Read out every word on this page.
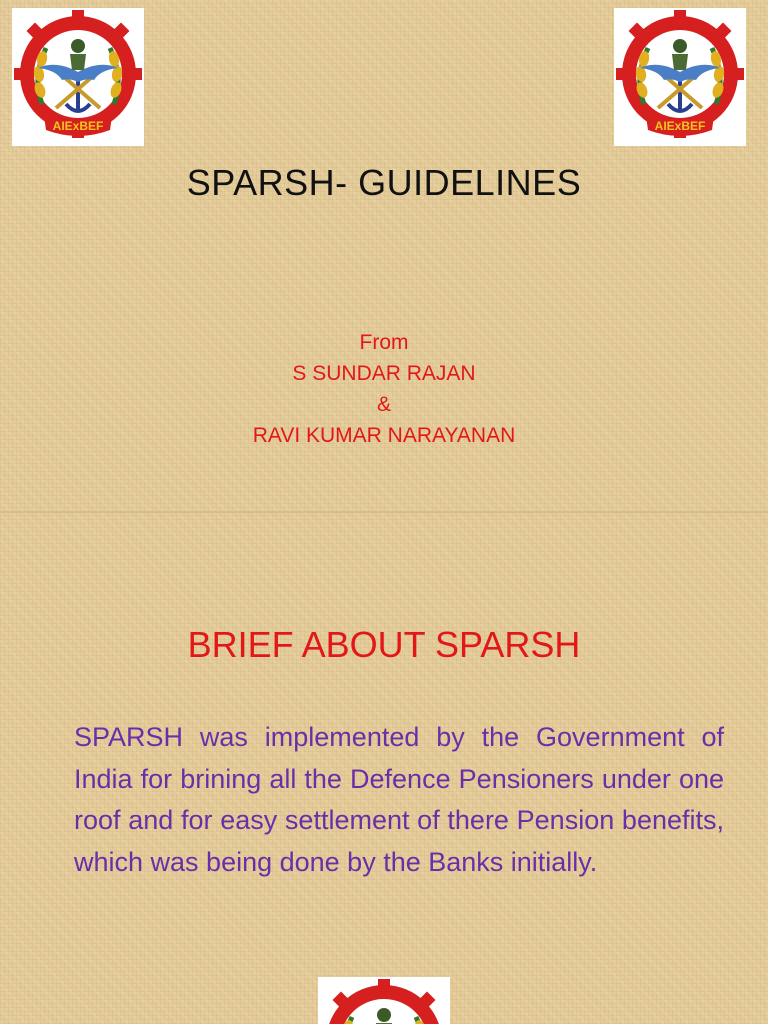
SPARSH- GUIDELINES
From
S SUNDAR RAJAN
&
RAVI KUMAR NARAYANAN
BRIEF ABOUT SPARSH
SPARSH was implemented by the Government of India for brining all the Defence Pensioners under one roof and for easy settlement of there Pension benefits, which was being done by the Banks initially.
